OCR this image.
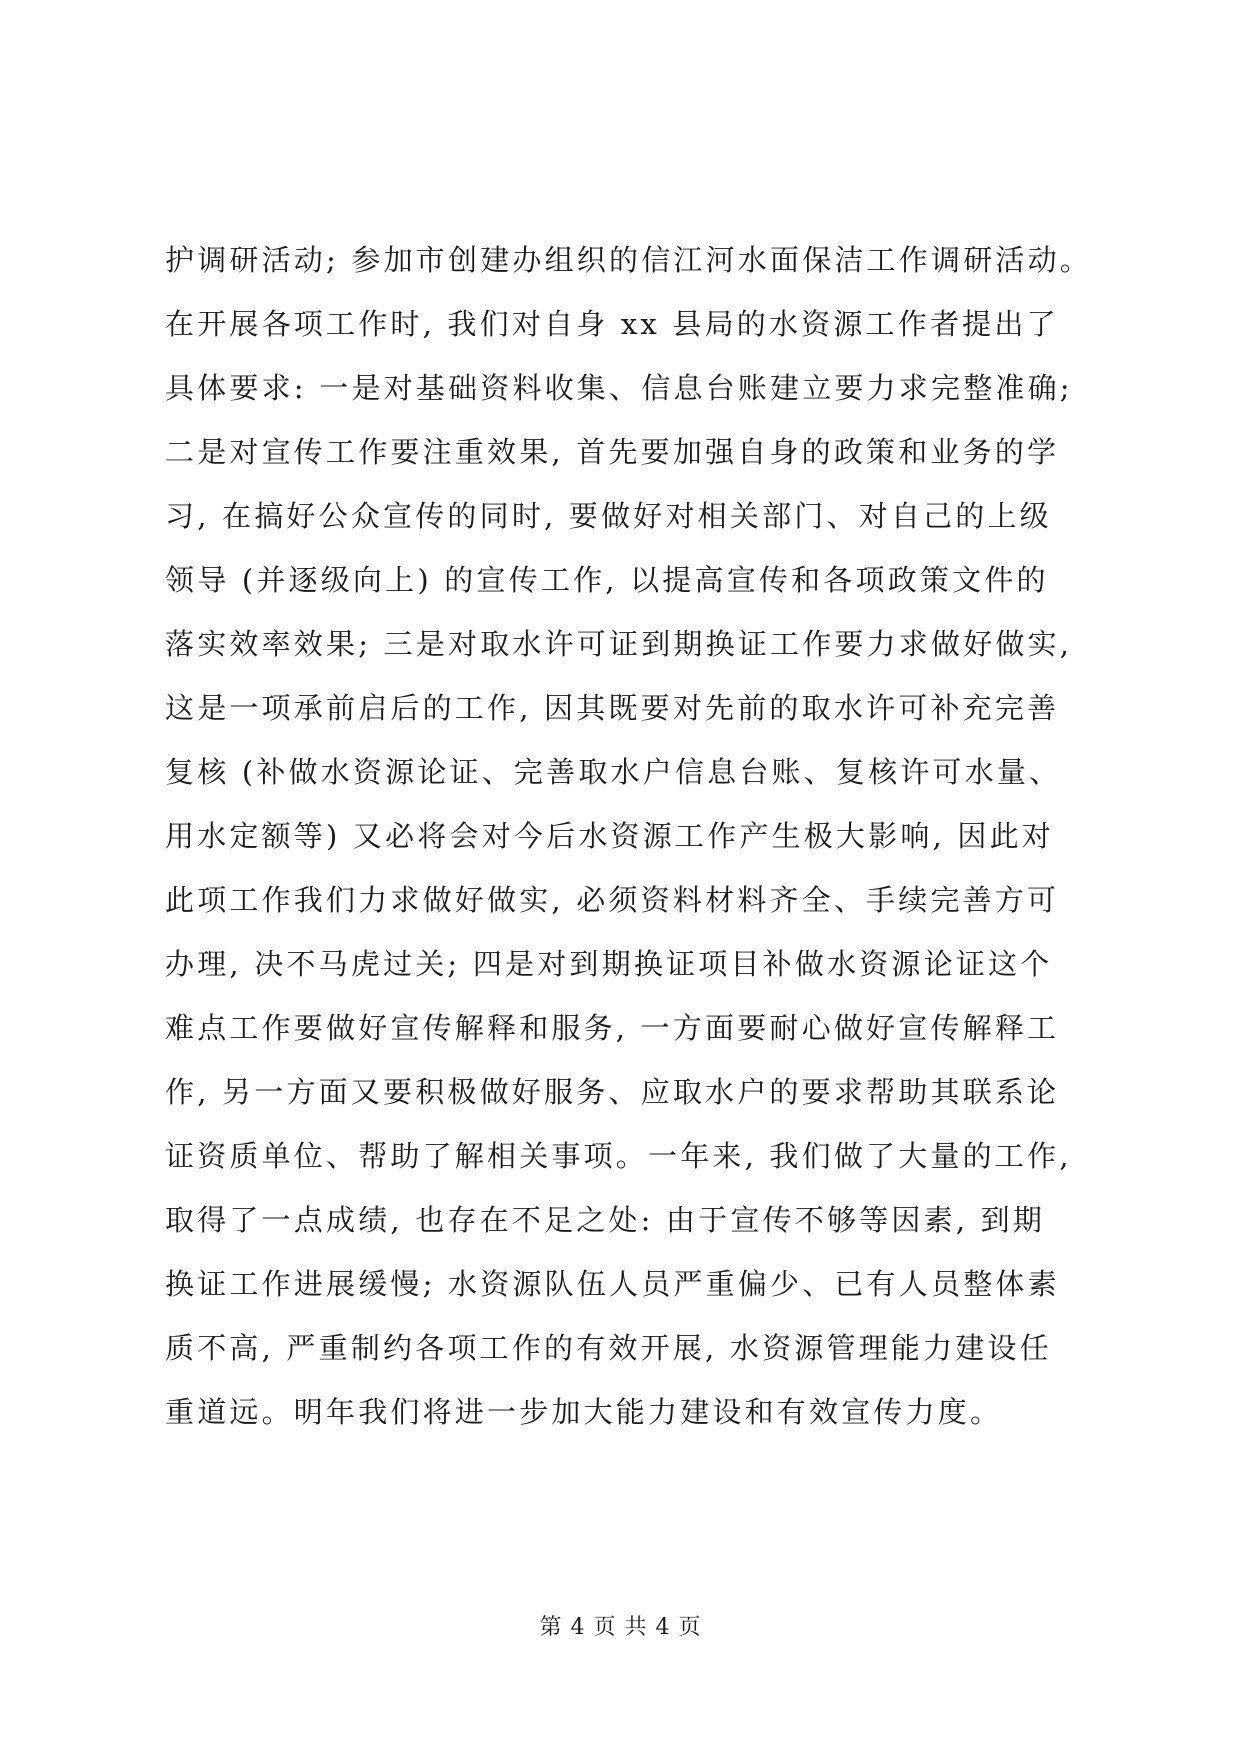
护调研活动; 参加市创建办组织的信江河水面保洁工作调研活动。
在开展各项工作时, 我们对自身 xx 县局的水资源工作者提出了
具体要求: 一是对基础资料收集、信息台账建立要力求完整准确;
二是对宣传工作要注重效果, 首先要加强自身的政策和业务的学
习, 在搞好公众宣传的同时, 要做好对相关部门、对自己的上级
领导 (并逐级向上) 的宣传工作, 以提高宣传和各项政策文件的
落实效率效果; 三是对取水许可证到期换证工作要力求做好做实,
这是一项承前启后的工作, 因其既要对先前的取水许可补充完善
复核 (补做水资源论证、完善取水户信息台账、复核许可水量、
用水定额等) 又必将会对今后水资源工作产生极大影响, 因此对
此项工作我们力求做好做实, 必须资料材料齐全、手续完善方可
办理, 决不马虎过关; 四是对到期换证项目补做水资源论证这个
难点工作要做好宣传解释和服务, 一方面要耐心做好宣传解释工
作, 另一方面又要积极做好服务、应取水户的要求帮助其联系论
证资质单位、帮助了解相关事项。一年来, 我们做了大量的工作,
取得了一点成绩, 也存在不足之处: 由于宣传不够等因素, 到期
换证工作进展缓慢; 水资源队伍人员严重偏少、已有人员整体素
质不高, 严重制约各项工作的有效开展, 水资源管理能力建设任
重道远。明年我们将进一步加大能力建设和有效宣传力度。
第 4 页 共 4 页
